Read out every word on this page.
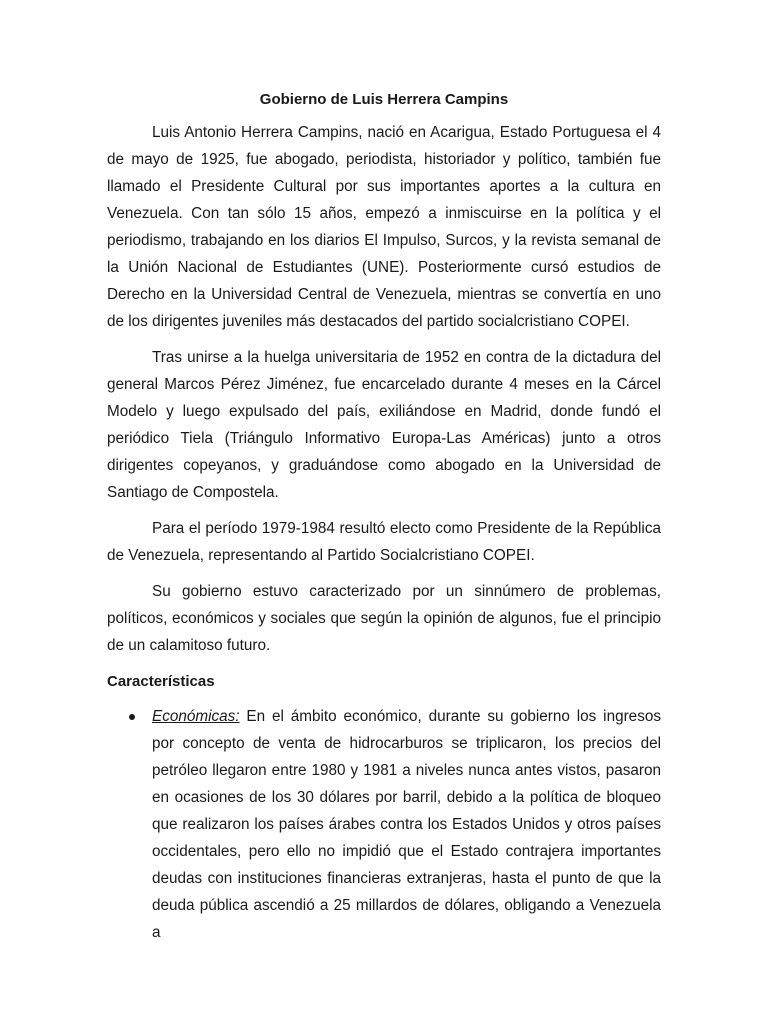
Gobierno de Luis Herrera Campins

Luis Antonio Herrera Campins, nació en Acarigua, Estado Portuguesa el 4 de mayo de 1925, fue abogado, periodista, historiador y político, también fue llamado el Presidente Cultural por sus importantes aportes a la cultura en Venezuela. Con tan sólo 15 años, empezó a inmiscuirse en la política y el periodismo, trabajando en los diarios El Impulso, Surcos, y la revista semanal de la Unión Nacional de Estudiantes (UNE). Posteriormente cursó estudios de Derecho en la Universidad Central de Venezuela, mientras se convertía en uno de los dirigentes juveniles más destacados del partido socialcristiano COPEI.

Tras unirse a la huelga universitaria de 1952 en contra de la dictadura del general Marcos Pérez Jiménez, fue encarcelado durante 4 meses en la Cárcel Modelo y luego expulsado del país, exiliándose en Madrid, donde fundó el periódico Tiela (Triángulo Informativo Europa-Las Américas) junto a otros dirigentes copeyanos, y graduándose como abogado en la Universidad de Santiago de Compostela.

Para el período 1979-1984 resultó electo como Presidente de la República de Venezuela, representando al Partido Socialcristiano COPEI.

Su gobierno estuvo caracterizado por un sinnúmero de problemas, políticos, económicos y sociales que según la opinión de algunos, fue el principio de un calamitoso futuro.

Características
Económicas: En el ámbito económico, durante su gobierno los ingresos por concepto de venta de hidrocarburos se triplicaron, los precios del petróleo llegaron entre 1980 y 1981 a niveles nunca antes vistos, pasaron en ocasiones de los 30 dólares por barril, debido a la política de bloqueo que realizaron los países árabes contra los Estados Unidos y otros países occidentales, pero ello no impidió que el Estado contrajera importantes deudas con instituciones financieras extranjeras, hasta el punto de que la deuda pública ascendió a 25 millardos de dólares, obligando a Venezuela a
